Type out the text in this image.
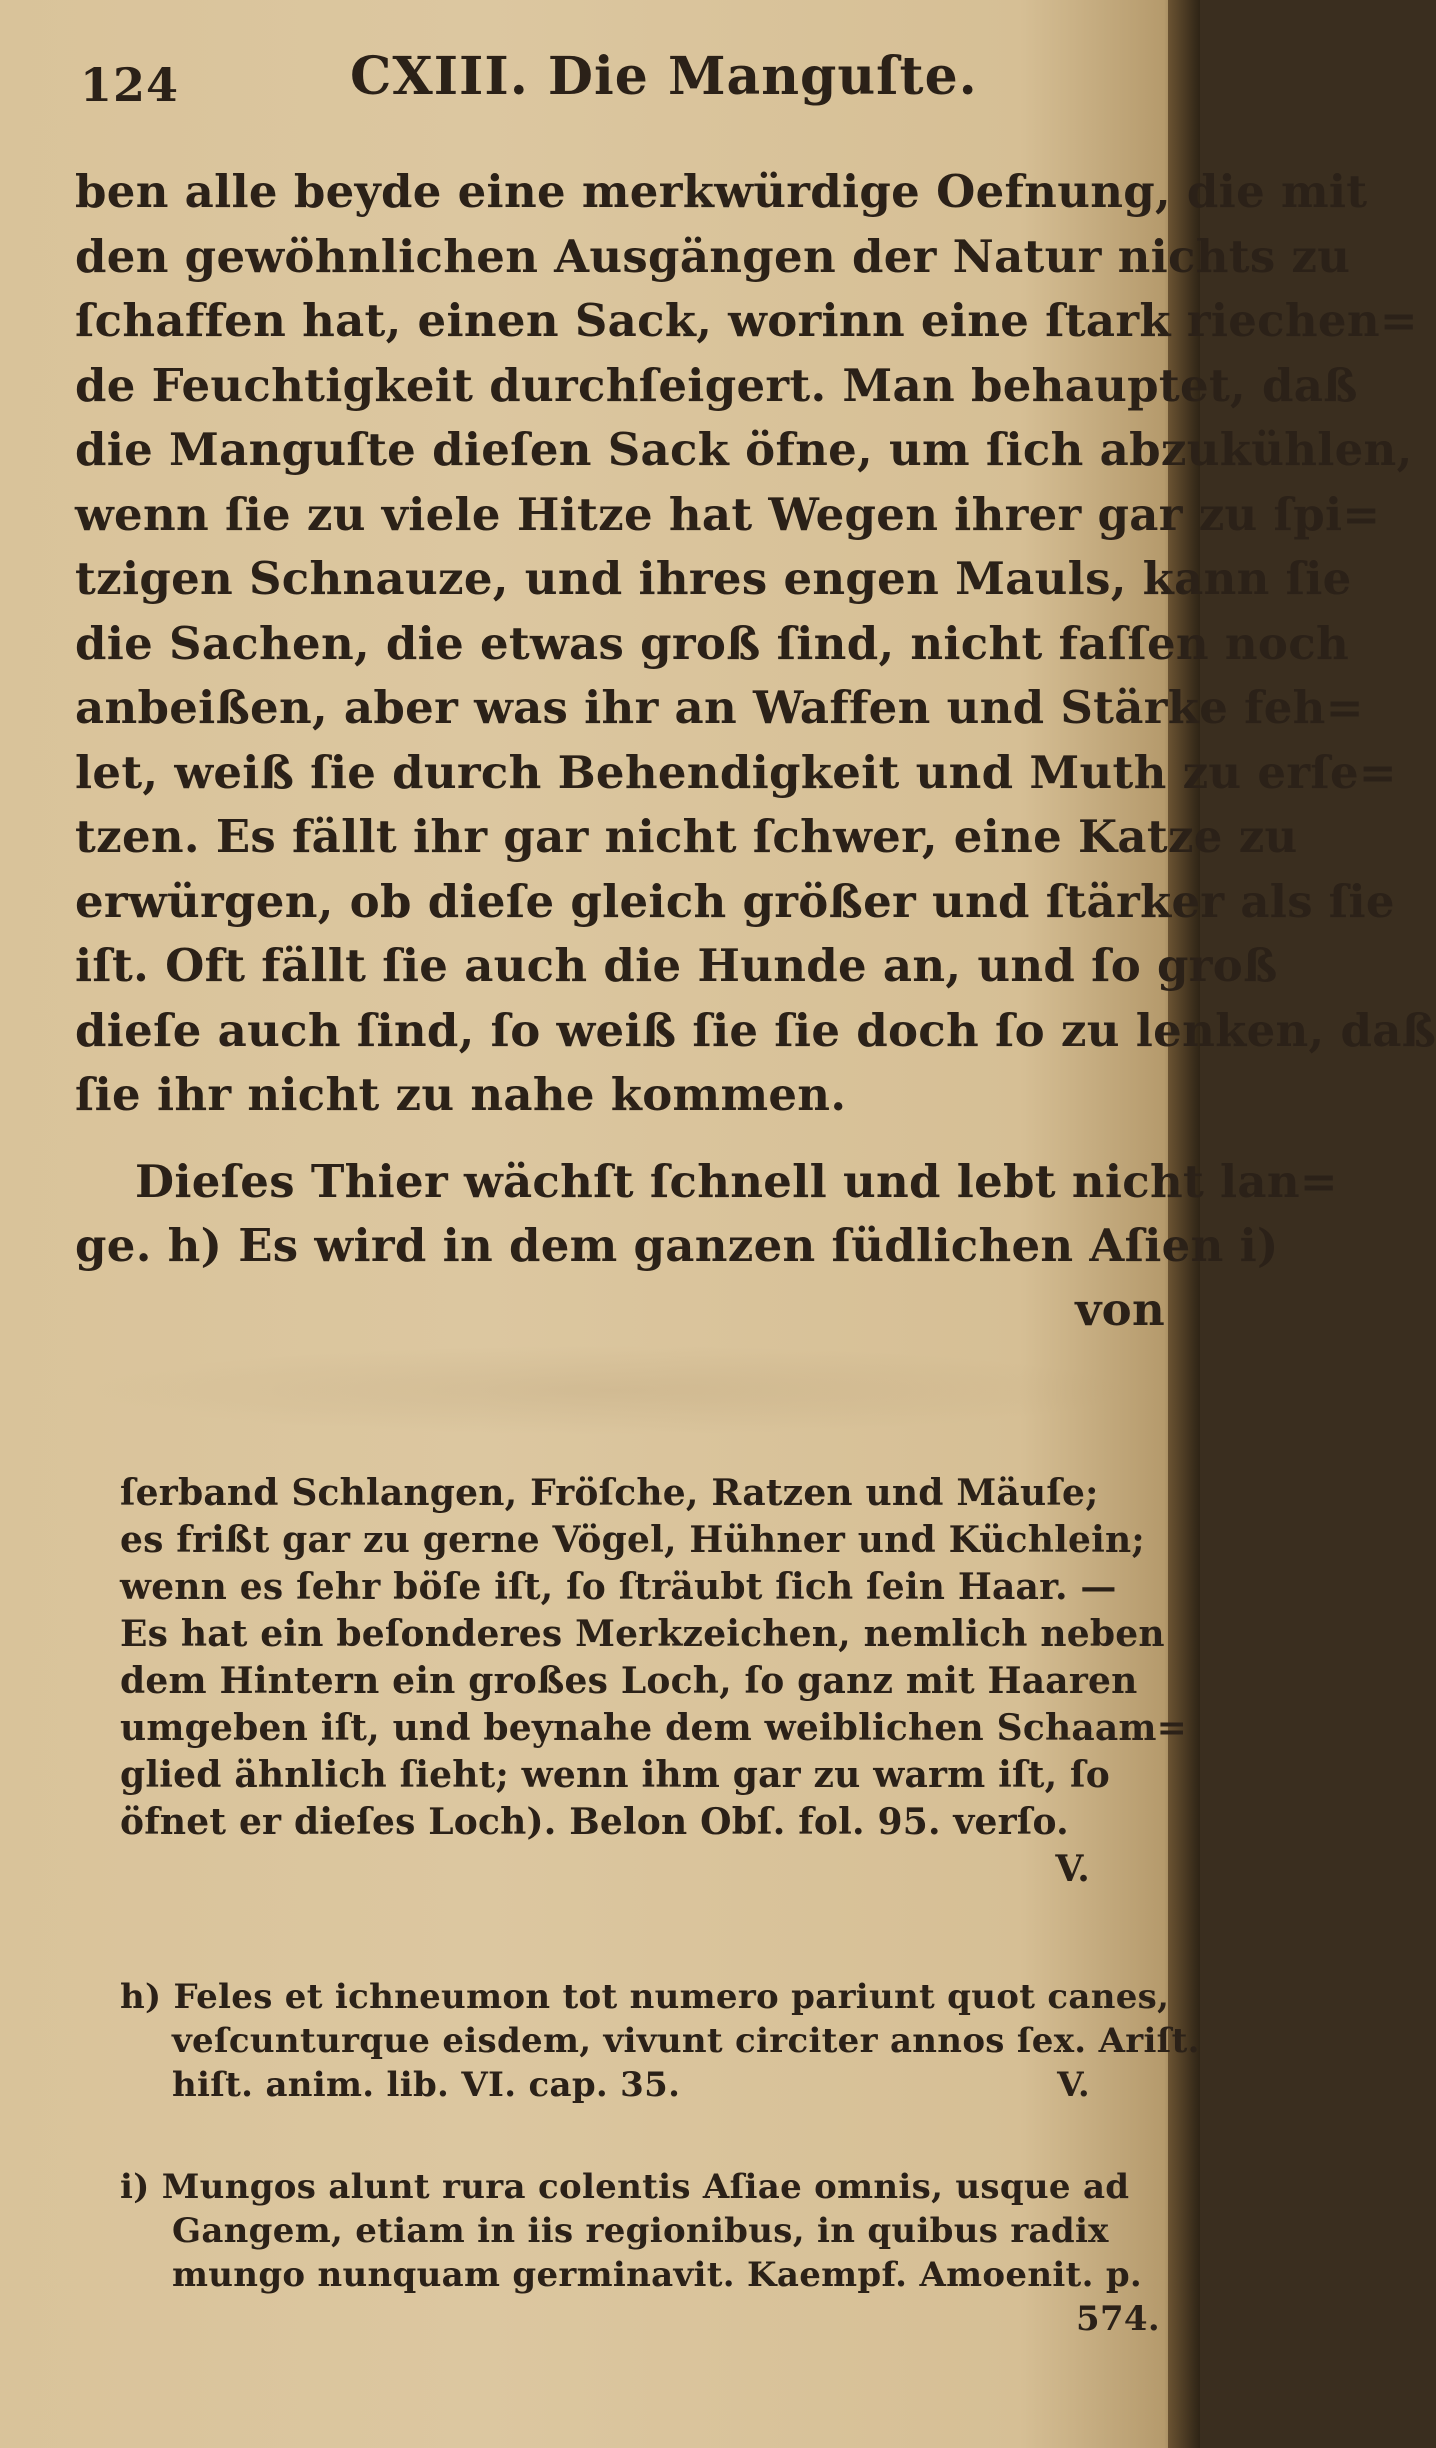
124	CXIII. Die Manguſte.
ben alle beyde eine merkwürdige Oefnung, die mit
den gewöhnlichen Ausgängen der Natur nichts zu
ſchaffen hat, einen Sack, worinn eine ſtark riechen=
de Feuchtigkeit durchſeigert. Man behauptet, daß
die Manguſte dieſen Sack öfne, um ſich abzukühlen,
wenn ſie zu viele Hitze hat Wegen ihrer gar zu ſpi=
tzigen Schnauze, und ihres engen Mauls, kann ſie
die Sachen, die etwas groß ſind, nicht faſſen noch
anbeißen, aber was ihr an Waffen und Stärke feh=
let, weiß ſie durch Behendigkeit und Muth zu erſe=
tzen. Es fällt ihr gar nicht ſchwer, eine Katze zu
erwürgen, ob dieſe gleich größer und ſtärker als ſie
iſt. Oft fällt ſie auch die Hunde an, und ſo groß
dieſe auch ſind, ſo weiß ſie ſie doch ſo zu lenken, daß
ſie ihr nicht zu nahe kommen.
Dieſes Thier wächſt ſchnell und lebt nicht lan=
ge. h) Es wird in dem ganzen ſüdlichen Aſien i)
von
ſerband Schlangen, Fröſche, Ratzen und Mäuſe;
es frißt gar zu gerne Vögel, Hühner und Küchlein;
wenn es ſehr böſe iſt, ſo ſträubt ſich ſein Haar. —
Es hat ein beſonderes Merkzeichen, nemlich neben
dem Hintern ein großes Loch, ſo ganz mit Haaren
umgeben iſt, und beynahe dem weiblichen Schaam=
glied ähnlich ſieht; wenn ihm gar zu warm iſt, ſo
öfnet er dieſes Loch). Belon Obſ. fol. 95. verſo.
V.
h) Feles et ichneumon tot numero pariunt quot canes,
veſcunturque eisdem, vivunt circiter annos ſex. Ariſt.
hiſt. anim. lib. VI. cap. 35.	V.
i) Mungos alunt rura colentis Aſiae omnis, usque ad
Gangem, etiam in iis regionibus, in quibus radix
mungo nunquam germinavit. Kaempf. Amoenit. p.
574.
